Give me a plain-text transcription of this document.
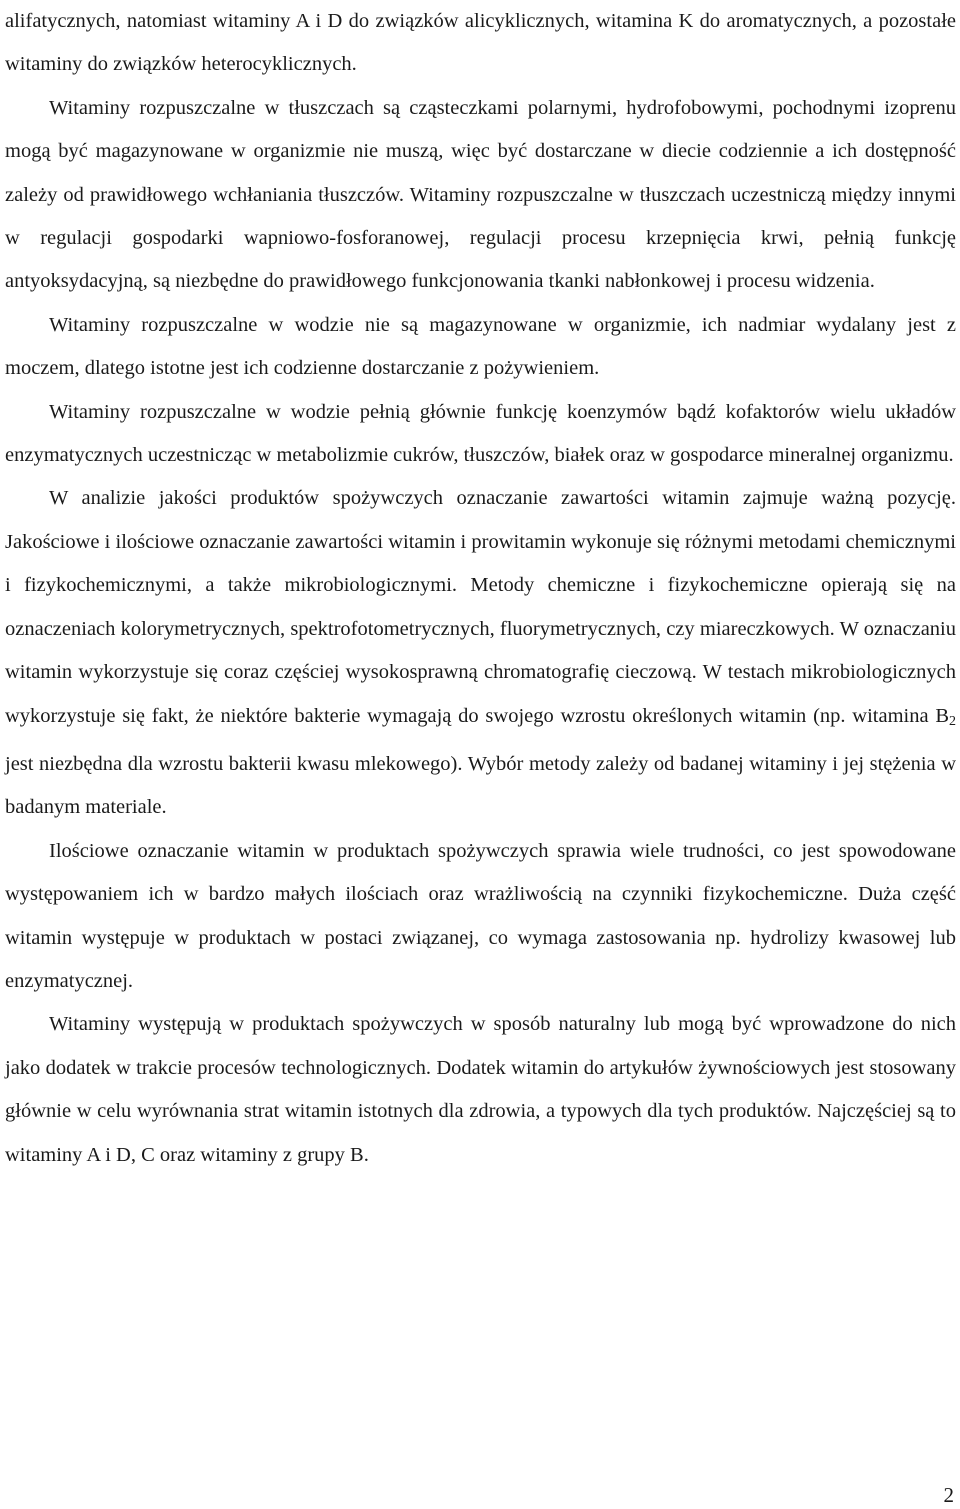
alifatycznych, natomiast witaminy A i D do związków alicyklicznych, witamina K do aromatycznych, a pozostałe witaminy do związków heterocyklicznych.

Witaminy rozpuszczalne w tłuszczach są cząsteczkami polarnymi, hydrofobowymi, pochodnymi izoprenu mogą być magazynowane w organizmie nie muszą, więc być dostarczane w diecie codziennie a ich dostępność zależy od prawidłowego wchłaniania tłuszczów. Witaminy rozpuszczalne w tłuszczach uczestniczą między innymi w regulacji gospodarki wapniowo-fosforanowej, regulacji procesu krzepnięcia krwi, pełnią funkcję antyoksydacyjną, są niezbędne do prawidłowego funkcjonowania tkanki nabłonkowej i procesu widzenia.

Witaminy rozpuszczalne w wodzie nie są magazynowane w organizmie, ich nadmiar wydalany jest z moczem, dlatego istotne jest ich codzienne dostarczanie z pożywieniem.

Witaminy rozpuszczalne w wodzie pełnią głównie funkcję koenzymów bądź kofaktorów wielu układów enzymatycznych uczestnicząc w metabolizmie cukrów, tłuszczów, białek oraz w gospodarce mineralnej organizmu.

W analizie jakości produktów spożywczych oznaczanie zawartości witamin zajmuje ważną pozycję. Jakościowe i ilościowe oznaczanie zawartości witamin i prowitamin wykonuje się różnymi metodami chemicznymi i fizykochemicznymi, a także mikrobiologicznymi. Metody chemiczne i fizykochemiczne opierają się na oznaczeniach kolorymetrycznych, spektrofotometrycznych, fluorymetrycznych, czy miareczkowych. W oznaczaniu witamin wykorzystuje się coraz częściej wysokosprawną chromatografię cieczową. W testach mikrobiologicznych wykorzystuje się fakt, że niektóre bakterie wymagają do swojego wzrostu określonych witamin (np. witamina $B_2$ jest niezbędna dla wzrostu bakterii kwasu mlekowego). Wybór metody zależy od badanej witaminy i jej stężenia w badanym materiale.

Ilościowe oznaczanie witamin w produktach spożywczych sprawia wiele trudności, co jest spowodowane występowaniem ich w bardzo małych ilościach oraz wrażliwością na czynniki fizykochemiczne. Duża część witamin występuje w produktach w postaci związanej, co wymaga zastosowania np. hydrolizy kwasowej lub enzymatycznej.

Witaminy występują w produktach spożywczych w sposób naturalny lub mogą być wprowadzone do nich jako dodatek w trakcie procesów technologicznych. Dodatek witamin do artykułów żywnościowych jest stosowany głównie w celu wyrównania strat witamin istotnych dla zdrowia, a typowych dla tych produktów. Najczęściej są to witaminy A i D, C oraz witaminy z grupy B.

2
